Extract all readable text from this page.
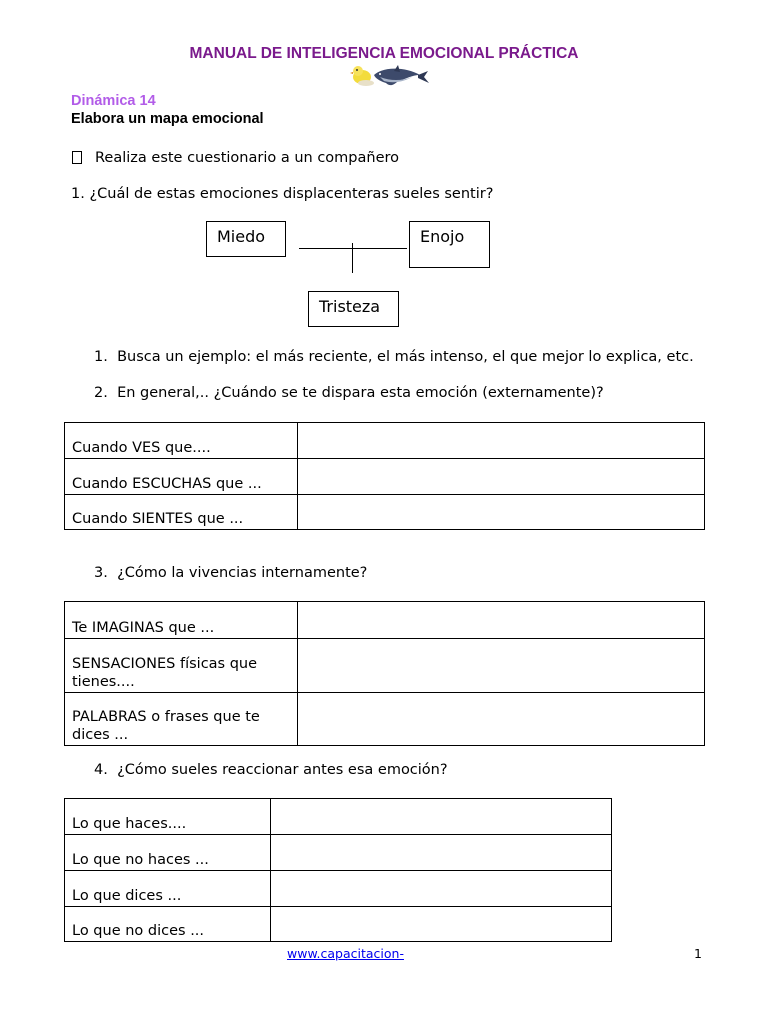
MANUAL DE INTELIGENCIA EMOCIONAL PRÁCTICA
Dinámica 14
Elabora un mapa emocional
Realiza este cuestionario a un compañero
1. ¿Cuál de estas emociones displacenteras sueles sentir?
Miedo	Enojo
Tristeza
1. Busca un ejemplo: el más reciente, el más intenso, el que mejor lo explica, etc.
2. En general,.. ¿Cuándo se te dispara esta emoción (externamente)?
Cuando VES que....	
Cuando ESCUCHAS que ...	
Cuando SIENTES que ...	
3. ¿Cómo la vivencias internamente?
Te IMAGINAS que ...	
SENSACIONES físicas que tienes....	
PALABRAS o frases que te dices ...	
4. ¿Cómo sueles reaccionar antes esa emoción?
Lo que haces....	
Lo que no haces ...	
Lo que dices ...	
Lo que no dices ...	
www.capacitacion-	1
